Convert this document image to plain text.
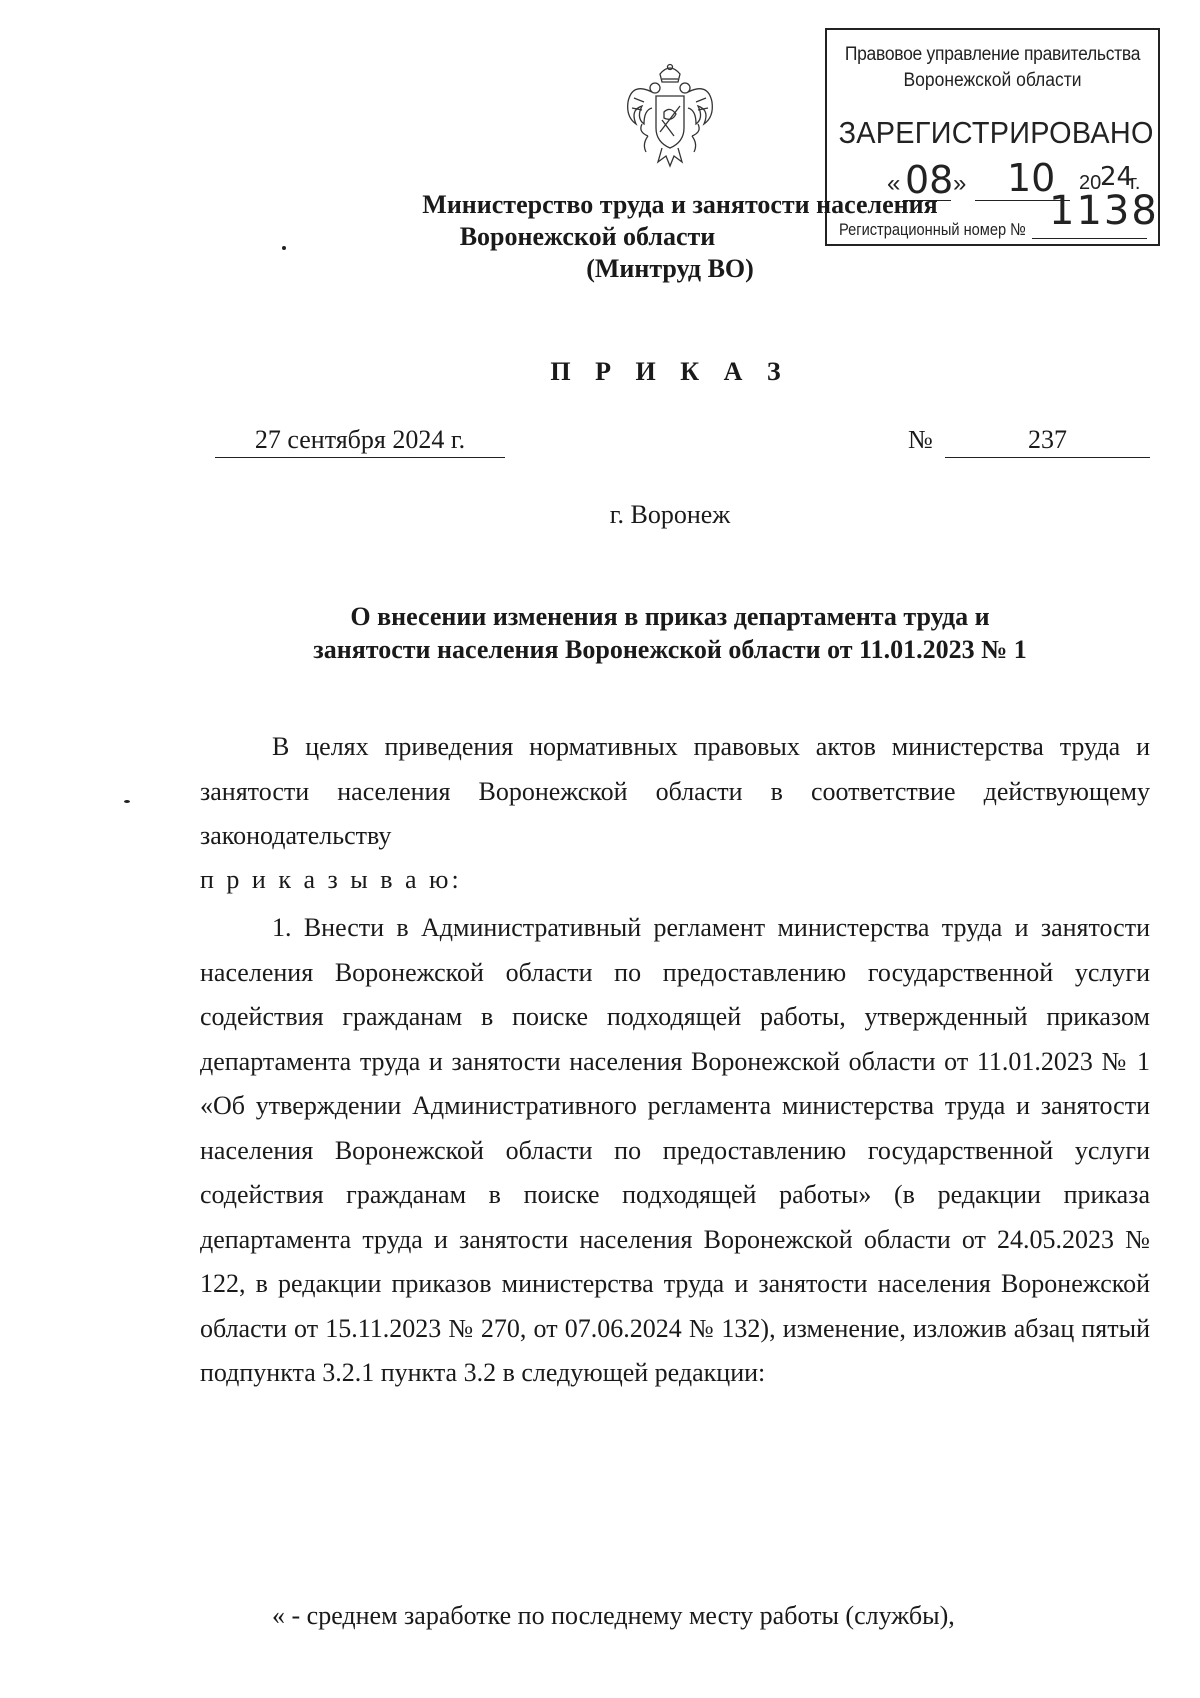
Правовое управление правительства
Воронежской области
ЗАРЕГИСТРИРОВАНО
« 08 » 10 20
24
г.
Регистрационный номер № 1138
Министерство труда и занятости населения
Воронежской области
(Минтруд ВО)
П Р И К А З
27 сентября 2024 г.	№	237
г. Воронеж
О внесении изменения в приказ департамента труда и
занятости населения Воронежской области от 11.01.2023 № 1
В целях приведения нормативных правовых актов министерства труда и занятости населения Воронежской области в соответствие действующему законодательству
п р и к а з ы в а ю:
1. Внести в Административный регламент министерства труда и занятости населения Воронежской области по предоставлению государственной услуги содействия гражданам в поиске подходящей работы, утвержденный приказом департамента труда и занятости населения Воронежской области от 11.01.2023 № 1 «Об утверждении Административного регламента министерства труда и занятости населения Воронежской области по предоставлению государственной услуги содействия гражданам в поиске подходящей работы» (в редакции приказа департамента труда и занятости населения Воронежской области от 24.05.2023 № 122, в редакции приказов министерства труда и занятости населения Воронежской области от 15.11.2023 № 270, от 07.06.2024 № 132), изменение, изложив абзац пятый подпункта 3.2.1 пункта 3.2 в следующей редакции:
« - среднем заработке по последнему месту работы (службы),
